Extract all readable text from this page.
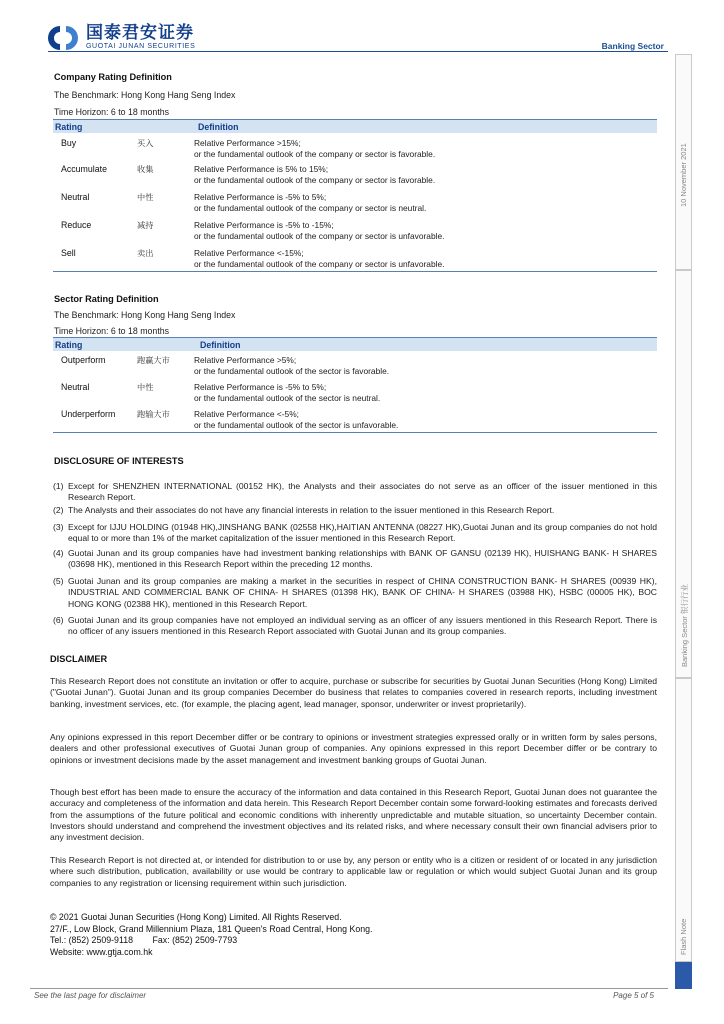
国泰君安证券
GUOTAI JUNAN SECURITIES	Banking Sector
10 November 2021
Banking Sector 银行行业
Flash Note
Company Rating Definition
The Benchmark: Hong Kong Hang Seng Index
Time Horizon: 6 to 18 months
Rating	Definition
Buy	买入	Relative Performance >15%;
or the fundamental outlook of the company or sector is favorable.
Accumulate	收集	Relative Performance is 5% to 15%;
or the fundamental outlook of the company or sector is favorable.
Neutral	中性	Relative Performance is -5% to 5%;
or the fundamental outlook of the company or sector is neutral.
Reduce	减持	Relative Performance is -5% to -15%;
or the fundamental outlook of the company or sector is unfavorable.
Sell	卖出	Relative Performance <-15%;
or the fundamental outlook of the company or sector is unfavorable.
Sector Rating Definition
The Benchmark: Hong Kong Hang Seng Index
Time Horizon: 6 to 18 months
Rating	Definition
Outperform	跑赢大市	Relative Performance >5%;
or the fundamental outlook of the sector is favorable.
Neutral	中性	Relative Performance is -5% to 5%;
or the fundamental outlook of the sector is neutral.
Underperform	跑输大市	Relative Performance <-5%;
or the fundamental outlook of the sector is unfavorable.
DISCLOSURE OF INTERESTS
(1) Except for SHENZHEN INTERNATIONAL (00152 HK), the Analysts and their associates do not serve as an officer of the issuer mentioned in this Research Report.
(2) The Analysts and their associates do not have any financial interests in relation to the issuer mentioned in this Research Report.
(3) Except for IJJU HOLDING (01948 HK),JINSHANG BANK (02558 HK),HAITIAN ANTENNA (08227 HK),Guotai Junan and its group companies do not hold equal to or more than 1% of the market capitalization of the issuer mentioned in this Research Report.
(4) Guotai Junan and its group companies have had investment banking relationships with BANK OF GANSU (02139 HK), HUISHANG BANK- H SHARES (03698 HK), mentioned in this Research Report within the preceding 12 months.
(5) Guotai Junan and its group companies are making a market in the securities in respect of CHINA CONSTRUCTION BANK- H SHARES (00939 HK), INDUSTRIAL AND COMMERCIAL BANK OF CHINA- H SHARES (01398 HK), BANK OF CHINA- H SHARES (03988 HK), HSBC (00005 HK), BOC HONG KONG (02388 HK), mentioned in this Research Report.
(6) Guotai Junan and its group companies have not employed an individual serving as an officer of any issuers mentioned in this Research Report. There is no officer of any issuers mentioned in this Research Report associated with Guotai Junan and its group companies.
DISCLAIMER
This Research Report does not constitute an invitation or offer to acquire, purchase or subscribe for securities by Guotai Junan Securities (Hong Kong) Limited ("Guotai Junan"). Guotai Junan and its group companies December do business that relates to companies covered in research reports, including investment banking, investment services, etc. (for example, the placing agent, lead manager, sponsor, underwriter or invest proprietarily).
Any opinions expressed in this report December differ or be contrary to opinions or investment strategies expressed orally or in written form by sales persons, dealers and other professional executives of Guotai Junan group of companies. Any opinions expressed in this report December differ or be contrary to opinions or investment decisions made by the asset management and investment banking groups of Guotai Junan.
Though best effort has been made to ensure the accuracy of the information and data contained in this Research Report, Guotai Junan does not guarantee the accuracy and completeness of the information and data herein. This Research Report December contain some forward-looking estimates and forecasts derived from the assumptions of the future political and economic conditions with inherently unpredictable and mutable situation, so uncertainty December contain. Investors should understand and comprehend the investment objectives and its related risks, and where necessary consult their own financial advisers prior to any investment decision.
This Research Report is not directed at, or intended for distribution to or use by, any person or entity who is a citizen or resident of or located in any jurisdiction where such distribution, publication, availability or use would be contrary to applicable law or regulation or which would subject Guotai Junan and its group companies to any registration or licensing requirement within such jurisdiction.
© 2021 Guotai Junan Securities (Hong Kong) Limited. All Rights Reserved.
27/F., Low Block, Grand Millennium Plaza, 181 Queen's Road Central, Hong Kong.
Tel.: (852) 2509-9118        Fax: (852) 2509-7793
Website: www.gtja.com.hk
See the last page for disclaimer	Page 5 of 5
